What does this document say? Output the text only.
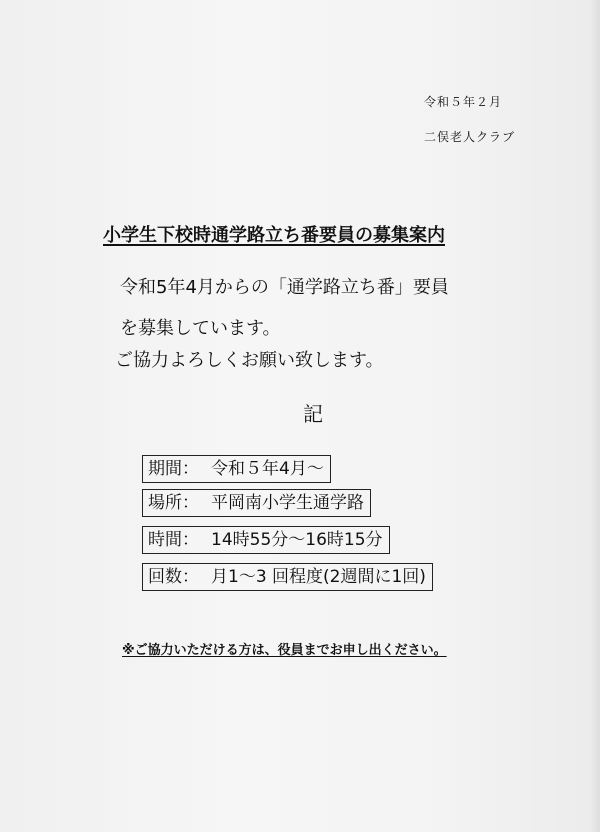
令和５年２月
二俣老人クラブ
小学生下校時通学路立ち番要員の募集案内
令和5年4月からの「通学路立ち番」要員
を募集しています。
ご協力よろしくお願い致します。
記
期間： 令和５年4月～
場所： 平岡南小学生通学路
時間： 14時55分～16時15分
回数： 月1～3 回程度(2週間に1回)
※ご協力いただける方は、役員までお申し出ください。
